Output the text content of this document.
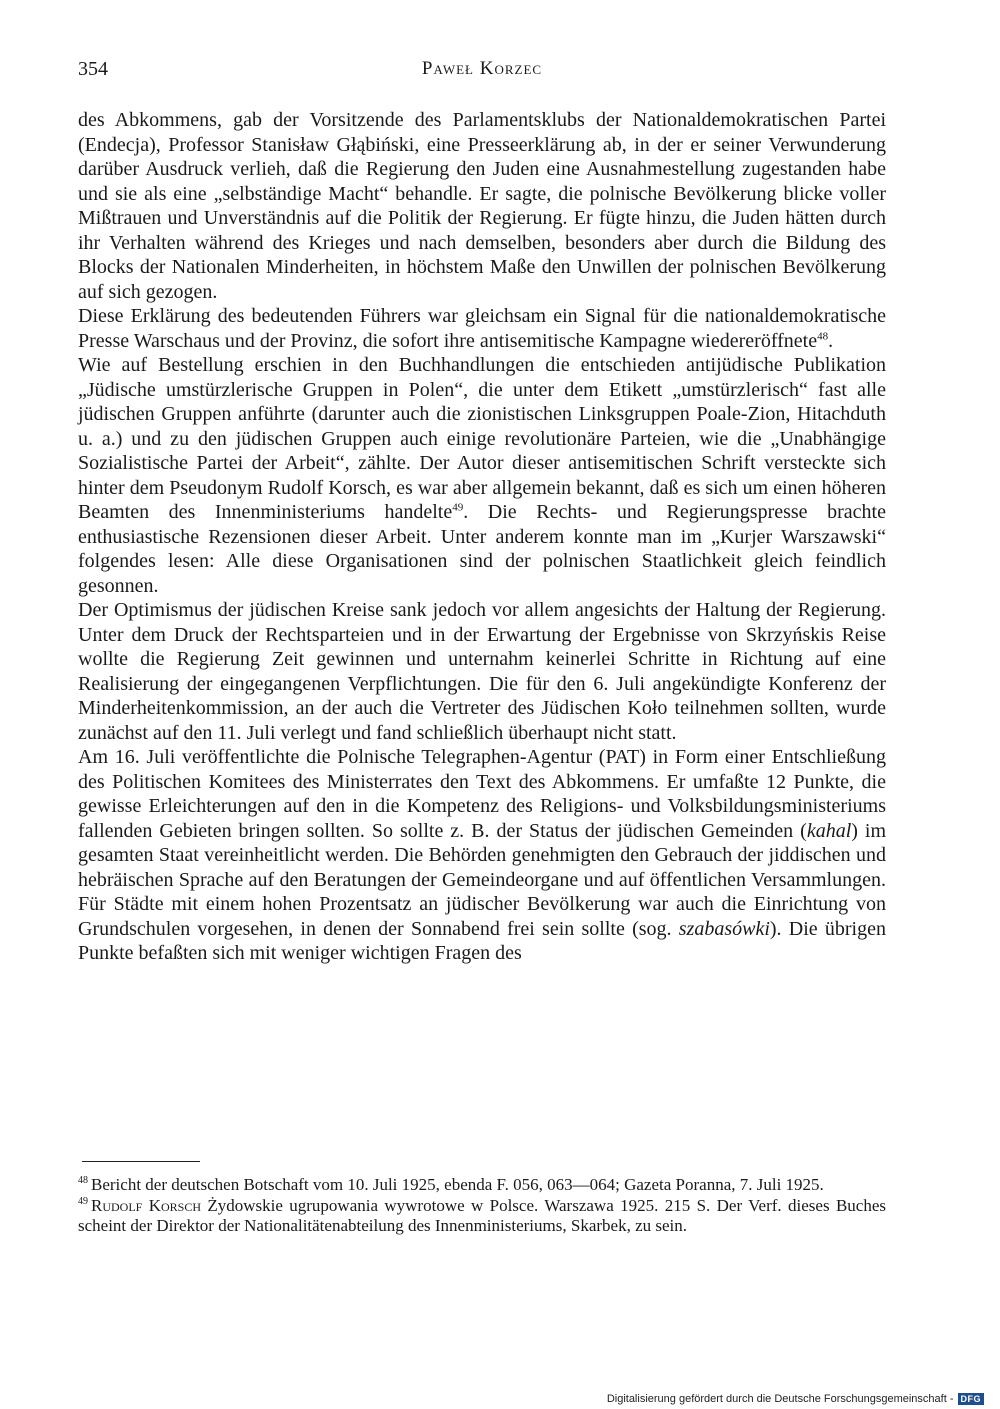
354	Paweł Korzec

des Abkommens, gab der Vorsitzende des Parlamentsklubs der Nationaldemokratischen Partei (Endecja), Professor Stanisław Głąbiński, eine Presseerklärung ab, in der er seiner Verwunderung darüber Ausdruck verlieh, daß die Regierung den Juden eine Ausnahmestellung zugestanden habe und sie als eine „selbständige Macht“ behandle. Er sagte, die polnische Bevölkerung blicke voller Mißtrauen und Unverständnis auf die Politik der Regierung. Er fügte hinzu, die Juden hätten durch ihr Verhalten während des Krieges und nach demselben, besonders aber durch die Bildung des Blocks der Nationalen Minderheiten, in höchstem Maße den Unwillen der polnischen Bevölkerung auf sich gezogen.

Diese Erklärung des bedeutenden Führers war gleichsam ein Signal für die nationaldemokratische Presse Warschaus und der Provinz, die sofort ihre antisemitische Kampagne wiedereröffnete$^{48}$.

Wie auf Bestellung erschien in den Buchhandlungen die entschieden antijüdische Publikation „Jüdische umstürzlerische Gruppen in Polen“, die unter dem Etikett „umstürzlerisch“ fast alle jüdischen Gruppen anführte (darunter auch die zionistischen Linksgruppen Poale-Zion, Hitachduth u. a.) und zu den jüdischen Gruppen auch einige revolutionäre Parteien, wie die „Unabhängige Sozialistische Partei der Arbeit“, zählte. Der Autor dieser antisemitischen Schrift versteckte sich hinter dem Pseudonym Rudolf Korsch, es war aber allgemein bekannt, daß es sich um einen höheren Beamten des Innenministeriums handelte$^{49}$. Die Rechts- und Regierungspresse brachte enthusiastische Rezensionen dieser Arbeit. Unter anderem konnte man im „Kurjer Warszawski“ folgendes lesen: Alle diese Organisationen sind der polnischen Staatlichkeit gleich feindlich gesonnen.

Der Optimismus der jüdischen Kreise sank jedoch vor allem angesichts der Haltung der Regierung. Unter dem Druck der Rechtsparteien und in der Erwartung der Ergebnisse von Skrzyńskis Reise wollte die Regierung Zeit gewinnen und unternahm keinerlei Schritte in Richtung auf eine Realisierung der eingegangenen Verpflichtungen. Die für den 6. Juli angekündigte Konferenz der Minderheitenkommission, an der auch die Vertreter des Jüdischen Koło teilnehmen sollten, wurde zunächst auf den 11. Juli verlegt und fand schließlich überhaupt nicht statt.

Am 16. Juli veröffentlichte die Polnische Telegraphen-Agentur (PAT) in Form einer Entschließung des Politischen Komitees des Ministerrates den Text des Abkommens. Er umfaßte 12 Punkte, die gewisse Erleichterungen auf den in die Kompetenz des Religions- und Volksbildungsministeriums fallenden Gebieten bringen sollten. So sollte z. B. der Status der jüdischen Gemeinden (kahal) im gesamten Staat vereinheitlicht werden. Die Behörden genehmigten den Gebrauch der jiddischen und hebräischen Sprache auf den Beratungen der Gemeindeorgane und auf öffentlichen Versammlungen. Für Städte mit einem hohen Prozentsatz an jüdischer Bevölkerung war auch die Einrichtung von Grundschulen vorgesehen, in denen der Sonnabend frei sein sollte (sog. szabasówki). Die übrigen Punkte befaßten sich mit weniger wichtigen Fragen des

$^{48}$ Bericht der deutschen Botschaft vom 10. Juli 1925, ebenda F. 056, 063—064; Gazeta Poranna, 7. Juli 1925.

$^{49}$ Rudolf Korsch Żydowskie ugrupowania wywrotowe w Polsce. Warszawa 1925. 215 S. Der Verf. dieses Buches scheint der Direktor der Nationalitätenabteilung des Innenministeriums, Skarbek, zu sein.

Digitalisierung gefördert durch die Deutsche Forschungsgemeinschaft - DFG
